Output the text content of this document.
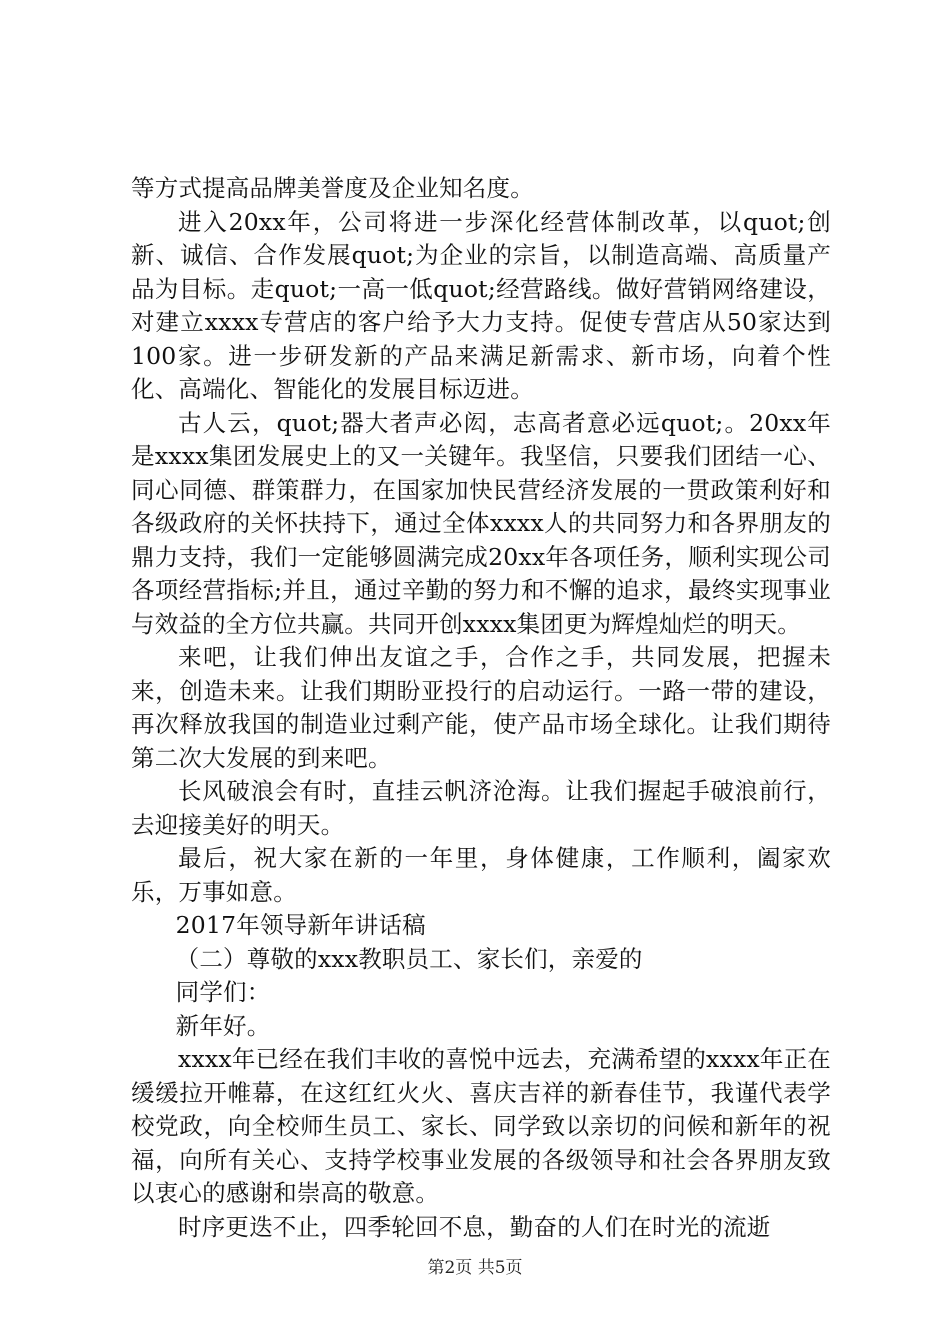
等方式提高品牌美誉度及企业知名度。

进入20xx年，公司将进一步深化经营体制改革，以quot;创新、诚信、合作发展quot;为企业的宗旨，以制造高端、高质量产品为目标。走quot;一高一低quot;经营路线。做好营销网络建设，对建立xxxx专营店的客户给予大力支持。促使专营店从50家达到100家。进一步研发新的产品来满足新需求、新市场，向着个性化、高端化、智能化的发展目标迈进。

古人云，quot;器大者声必闳，志高者意必远quot;。20xx年是xxxx集团发展史上的又一关键年。我坚信，只要我们团结一心、同心同德、群策群力，在国家加快民营经济发展的一贯政策利好和各级政府的关怀扶持下，通过全体xxxx人的共同努力和各界朋友的鼎力支持，我们一定能够圆满完成20xx年各项任务，顺利实现公司各项经营指标;并且，通过辛勤的努力和不懈的追求，最终实现事业与效益的全方位共赢。共同开创xxxx集团更为辉煌灿烂的明天。

来吧，让我们伸出友谊之手，合作之手，共同发展，把握未来，创造未来。让我们期盼亚投行的启动运行。一路一带的建设，再次释放我国的制造业过剩产能，使产品市场全球化。让我们期待第二次大发展的到来吧。

长风破浪会有时，直挂云帆济沧海。让我们握起手破浪前行，去迎接美好的明天。

最后，祝大家在新的一年里，身体健康，工作顺利，阖家欢乐，万事如意。

2017年领导新年讲话稿

（二）尊敬的xxx教职员工、家长们，亲爱的

同学们：

新年好。

xxxx年已经在我们丰收的喜悦中远去，充满希望的xxxx年正在缓缓拉开帷幕，在这红红火火、喜庆吉祥的新春佳节，我谨代表学校党政，向全校师生员工、家长、同学致以亲切的问候和新年的祝福，向所有关心、支持学校事业发展的各级领导和社会各界朋友致以衷心的感谢和崇高的敬意。

时序更迭不止，四季轮回不息，勤奋的人们在时光的流逝

第2页 共5页
